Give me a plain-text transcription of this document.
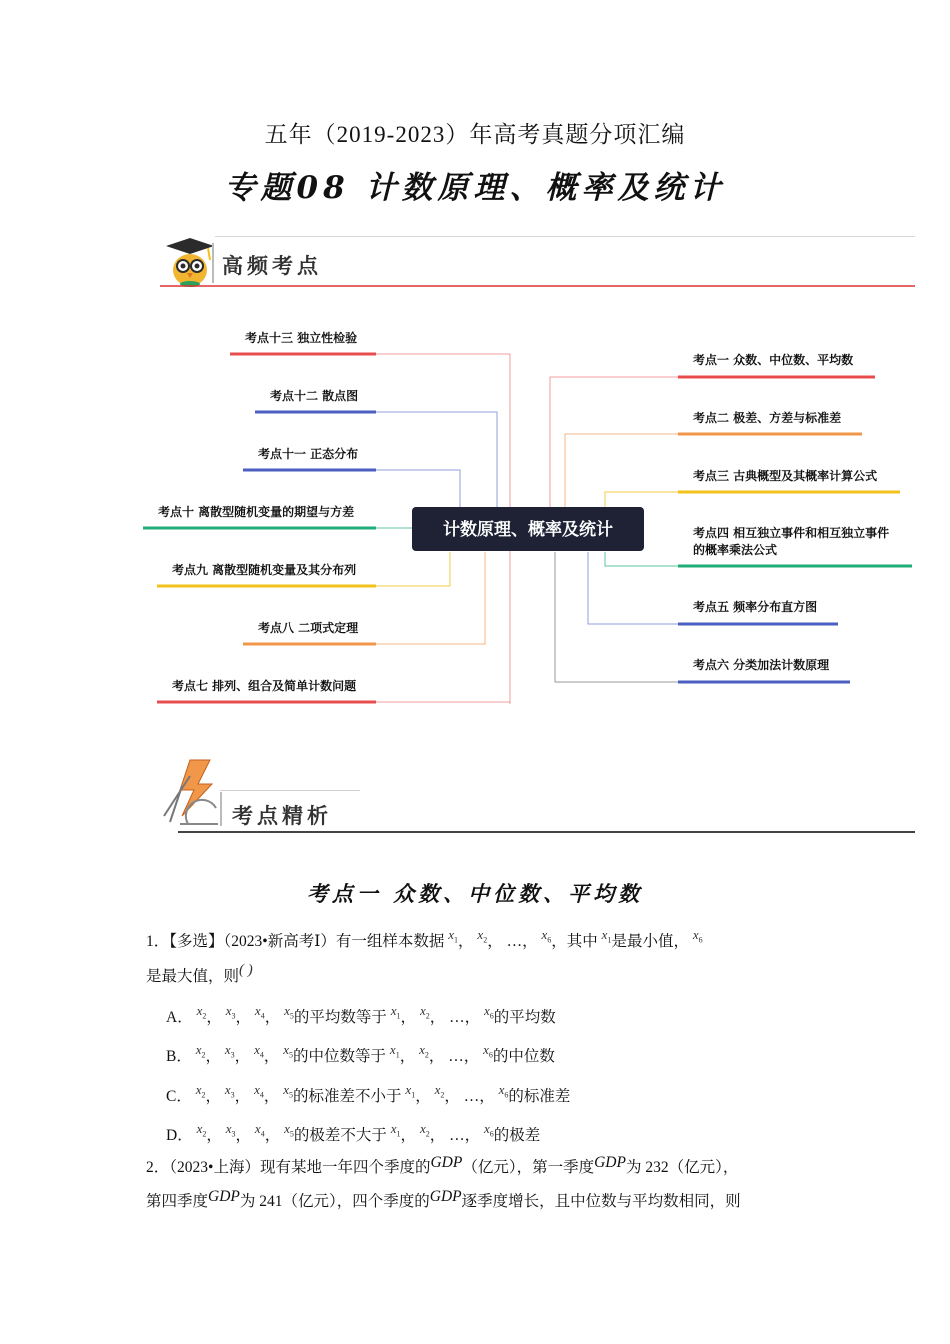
五年（2019-2023）年高考真题分项汇编
专题08 计数原理、概率及统计
高频考点
考点十三 独立性检验
考点十二 散点图
考点十一 正态分布
考点十 离散型随机变量的期望与方差
考点九 离散型随机变量及其分布列
考点八 二项式定理
考点七 排列、组合及简单计数问题
计数原理、概率及统计
考点一 众数、中位数、平均数
考点二 极差、方差与标准差
考点三 古典概型及其概率计算公式
考点四 相互独立事件和相互独立事件
的概率乘法公式
考点五 频率分布直方图
考点六 分类加法计数原理
考点精析
考点一 众数、中位数、平均数
1．【多选】（2023•新高考Ⅰ）有一组样本数据 $^{x_1}$， $^{x_2}$， …， $^{x_6}$，其中 $^{x_1}$是最小值， $^{x_6}$
是最大值，则( )
A． $^{x_2}$， $^{x_3}$， $^{x_4}$， $^{x_5}$的平均数等于 $^{x_1}$， $^{x_2}$， …， $^{x_6}$的平均数
B． $^{x_2}$， $^{x_3}$， $^{x_4}$， $^{x_5}$的中位数等于 $^{x_1}$， $^{x_2}$， …， $^{x_6}$的中位数
C． $^{x_2}$， $^{x_3}$， $^{x_4}$， $^{x_5}$的标准差不小于 $^{x_1}$， $^{x_2}$， …， $^{x_6}$的标准差
D． $^{x_2}$， $^{x_3}$， $^{x_4}$， $^{x_5}$的极差不大于 $^{x_1}$， $^{x_2}$， …， $^{x_6}$的极差
2．（2023•上海）现有某地一年四个季度的GDP（亿元），第一季度GDP为 232（亿元），
第四季度GDP为 241（亿元），四个季度的GDP逐季度增长，且中位数与平均数相同，则
